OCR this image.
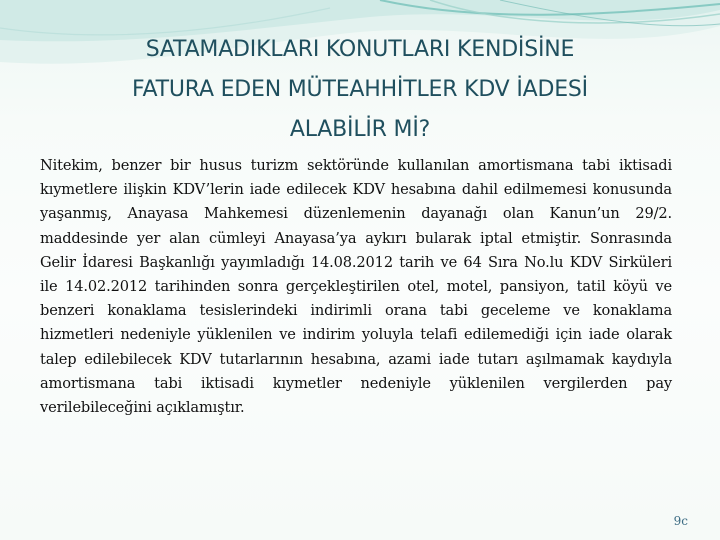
SATAMADIKLARI KONUTLARI KENDİSİNE
FATURA EDEN MÜTEAHHİTLER KDV İADESİ
ALABİLİR Mİ?

Nitekim, benzer bir husus turizm sektöründe kullanılan amortismana tabi iktisadi kıymetlere ilişkin KDV’lerin iade edilecek KDV hesabına dahil edilmemesi konusunda yaşanmış, Anayasa Mahkemesi düzenlemenin dayanağı olan Kanun’un 29/2. maddesinde yer alan cümleyi Anayasa’ya aykırı bularak iptal etmiştir. Sonrasında Gelir İdaresi Başkanlığı yayımladığı 14.08.2012 tarih ve 64 Sıra No.lu KDV Sirküleri ile 14.02.2012 tarihinden sonra gerçekleştirilen otel, motel, pansiyon, tatil köyü ve benzeri konaklama tesislerindeki indirimli orana tabi geceleme ve konaklama hizmetleri nedeniyle yüklenilen ve indirim yoluyla telafi edilemediği için iade olarak talep edilebilecek KDV tutarlarının hesabına, azami iade tutarı aşılmamak kaydıyla amortismana tabi iktisadi kıymetler nedeniyle yüklenilen vergilerden pay verilebileceğini açıklamıştır.

9c
